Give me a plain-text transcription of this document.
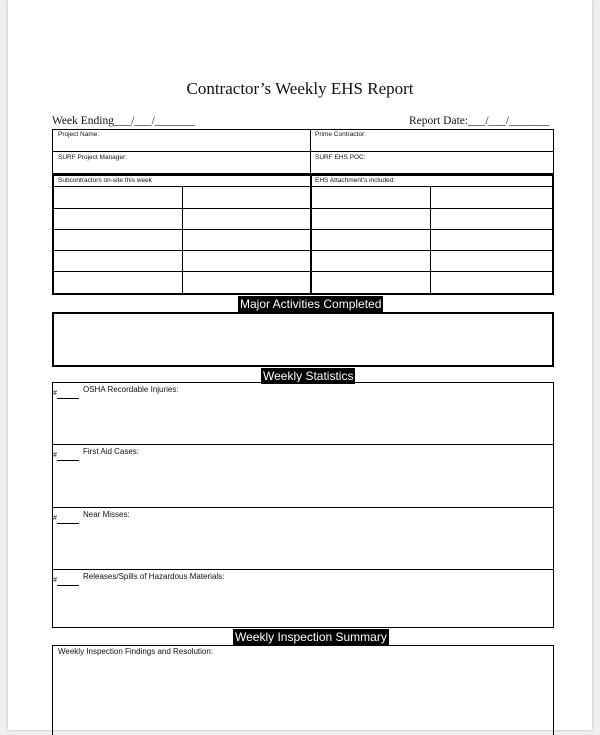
Contractor’s Weekly EHS Report
Week Ending___/___/_______	Report Date:___/___/_______
Project Name:	Prime Contractor:
SURF Project Manager:	SURF EHS POC:
Subcontractors on-site this week	EHS Attachment’s included:
Major Activities Completed
Weekly Statistics
#	OSHA Recordable Injuries:
#	First Aid Cases:
#	Near Misses:
#	Releases/Spills of Hazardous Materials:
Weekly Inspection Summary
Weekly Inspection Findings and Resolution:
